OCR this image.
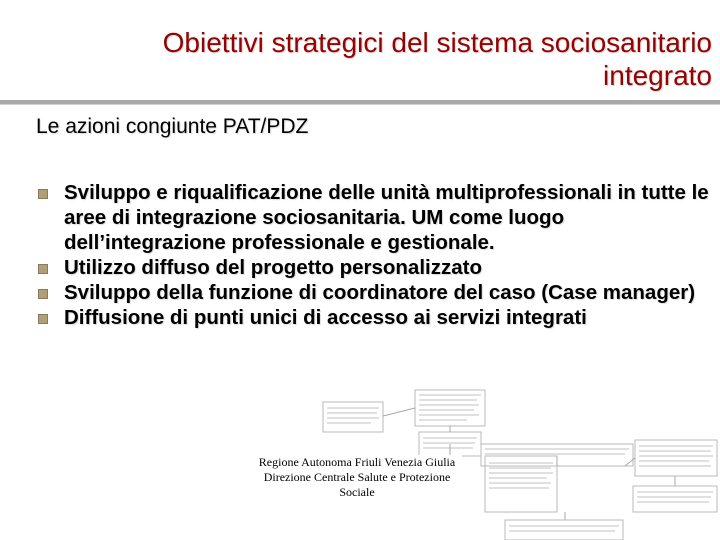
Obiettivi strategici del sistema sociosanitario
integrato
Le azioni congiunte PAT/PDZ
Sviluppo e riqualificazione delle unità multiprofessionali in tutte le aree di integrazione sociosanitaria. UM come luogo dell’integrazione professionale e gestionale.
Utilizzo diffuso del progetto personalizzato
Sviluppo della funzione di coordinatore del caso (Case manager)
Diffusione di punti unici di accesso ai servizi integrati
Regione Autonoma Friuli Venezia Giulia
Direzione Centrale Salute e Protezione
Sociale
